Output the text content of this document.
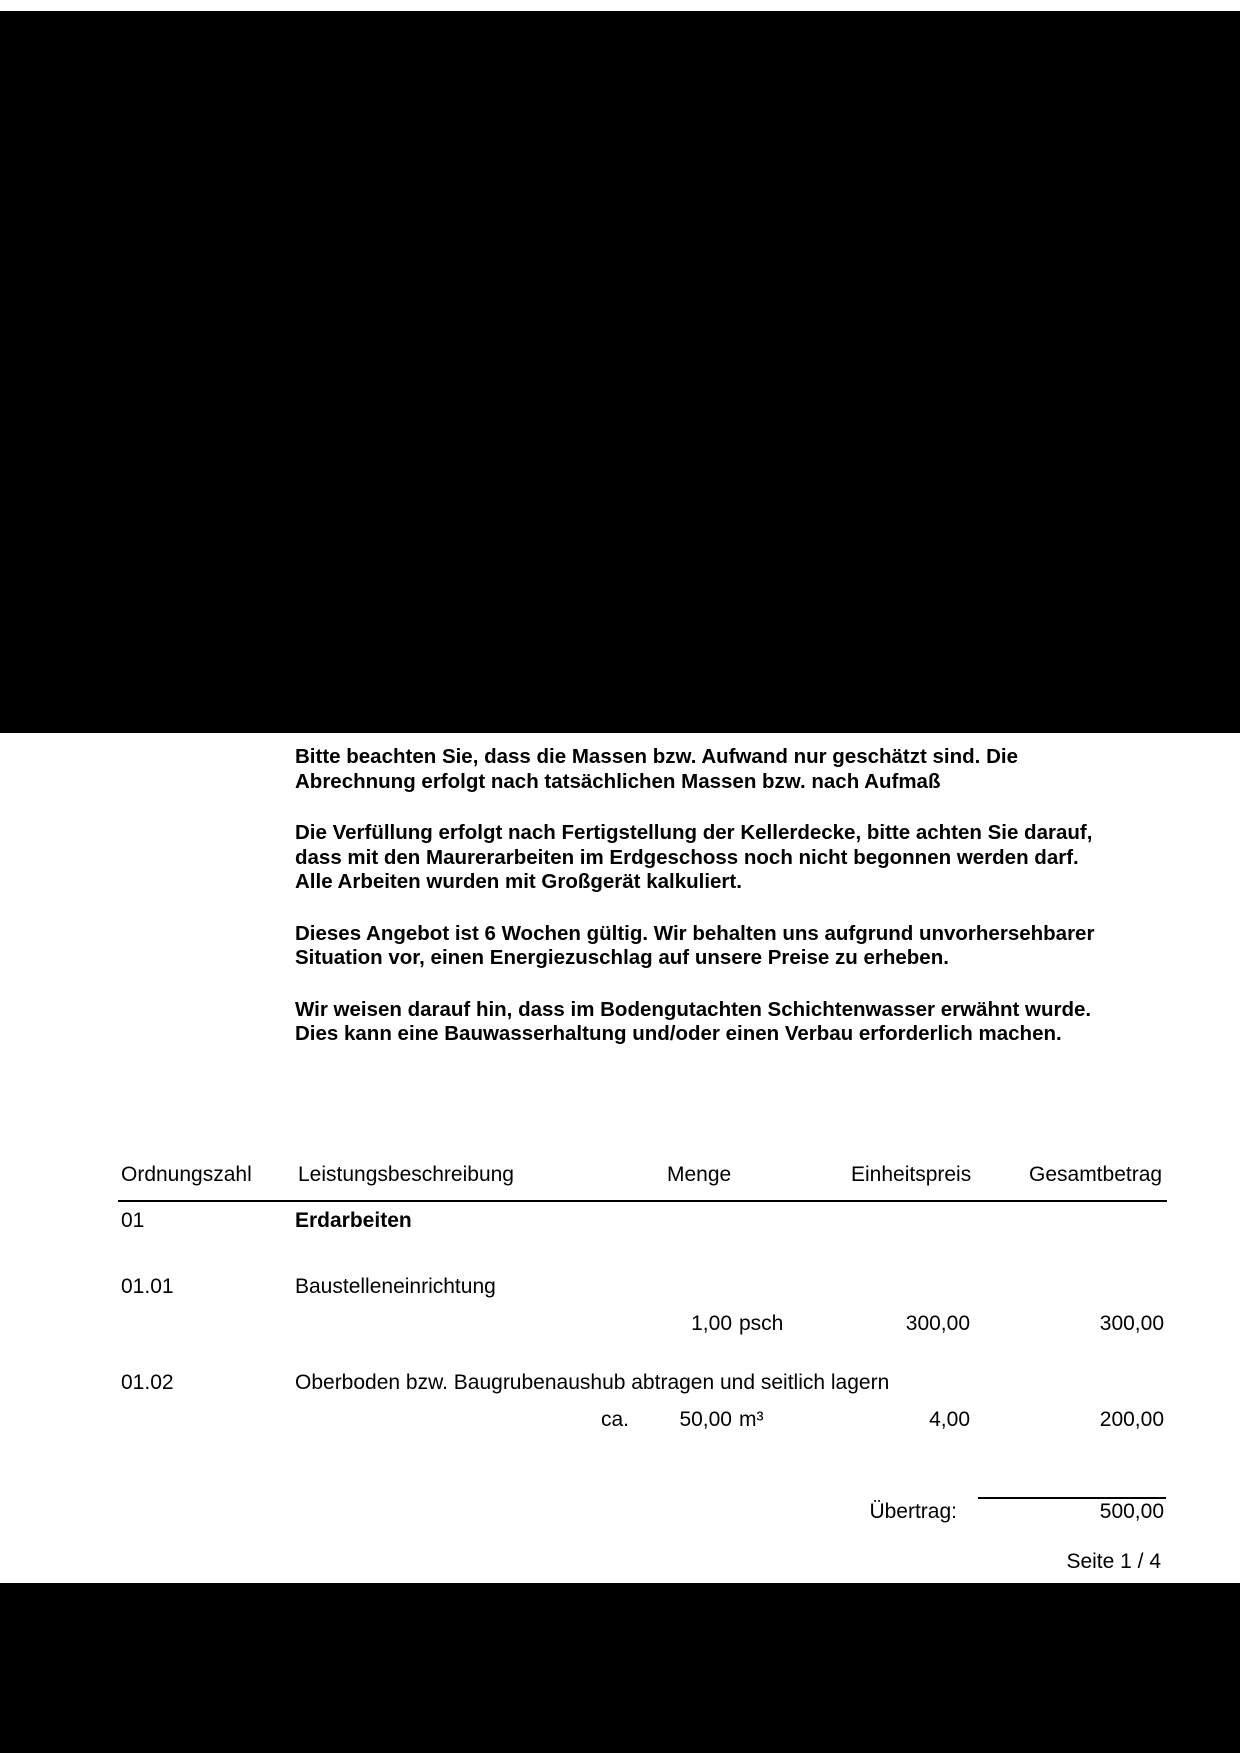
Bitte beachten Sie, dass die Massen bzw. Aufwand nur geschätzt sind. Die Abrechnung erfolgt nach tatsächlichen Massen bzw. nach Aufmaß

Die Verfüllung erfolgt nach Fertigstellung der Kellerdecke, bitte achten Sie darauf, dass mit den Maurerarbeiten im Erdgeschoss noch nicht begonnen werden darf. Alle Arbeiten wurden mit Großgerät kalkuliert.

Dieses Angebot ist 6 Wochen gültig. Wir behalten uns aufgrund unvorhersehbarer Situation vor, einen Energiezuschlag auf unsere Preise zu erheben.

Wir weisen darauf hin, dass im Bodengutachten Schichtenwasser erwähnt wurde. Dies kann eine Bauwasserhaltung und/oder einen Verbau erforderlich machen.

Ordnungszahl Leistungsbeschreibung	Menge	Einheitspreis	Gesamtbetrag
01	Erdarbeiten
01.01	Baustelleneinrichtung
1,00 psch	300,00	300,00
01.02	Oberboden bzw. Baugrubenaushub abtragen und seitlich lagern
ca.	50,00 m³	4,00	200,00
Übertrag:	500,00
Seite 1 / 4
